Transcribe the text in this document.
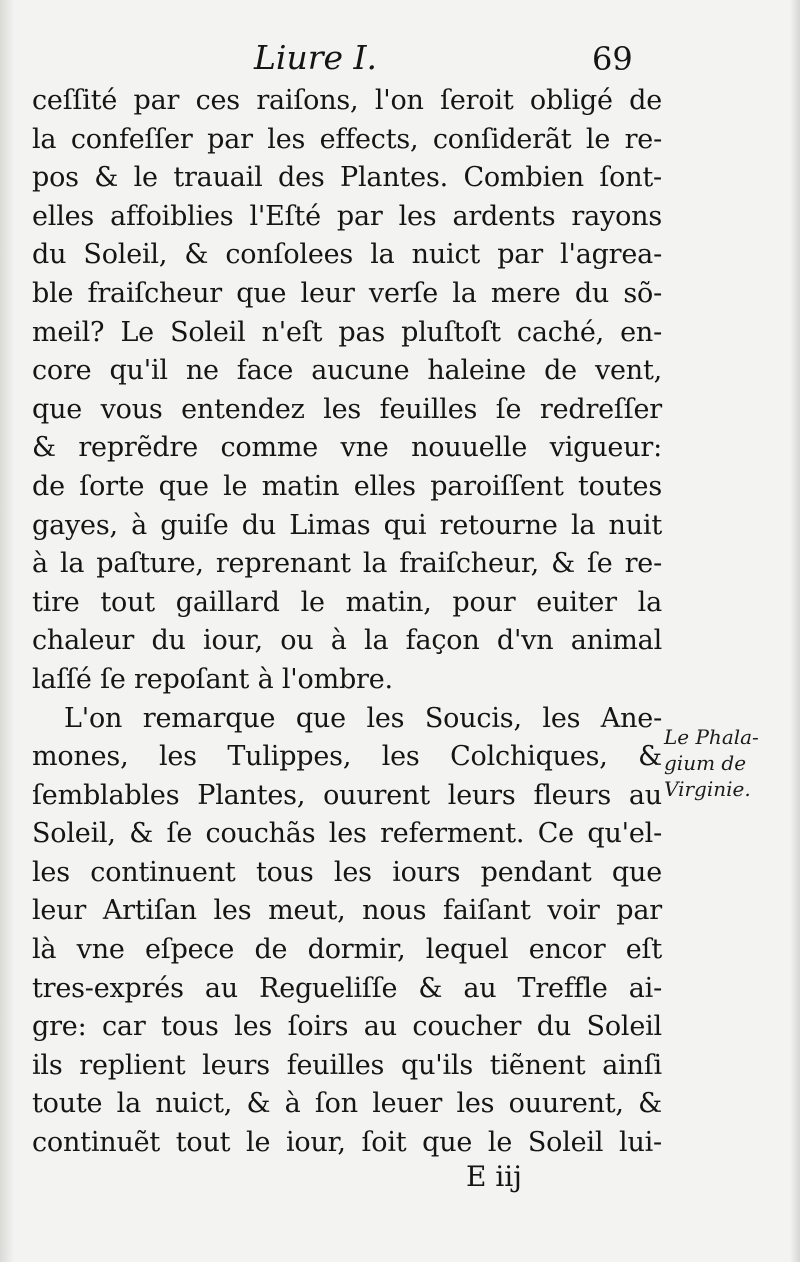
Liure I.	69
ceſſité par ces raiſons, l'on ſeroit obligé de
la confeſſer par les effects, conſiderãt le re-
pos & le trauail des Plantes. Combien ſont-
elles affoiblies l'Eſté par les ardents rayons
du Soleil, & conſolees la nuict par l'agrea-
ble fraiſcheur que leur verſe la mere du sõ-
meil? Le Soleil n'eſt pas pluſtoſt caché, en-
core qu'il ne face aucune haleine de vent,
que vous entendez les feuilles ſe redreſſer
& reprẽdre comme vne nouuelle vigueur:
de ſorte que le matin elles paroiſſent toutes
gayes, à guiſe du Limas qui retourne la nuit
à la paſture, reprenant la fraiſcheur, & ſe re-
tire tout gaillard le matin, pour euiter la
chaleur du iour, ou à la façon d'vn animal
laſſé ſe repoſant à l'ombre.
L'on remarque que les Soucis, les Ane-
mones, les Tulippes, les Colchiques, &
ſemblables Plantes, ouurent leurs fleurs au
Soleil, & ſe couchãs les referment. Ce qu'el-
les continuent tous les iours pendant que
leur Artiſan les meut, nous faiſant voir par
là vne eſpece de dormir, lequel encor eſt
tres-exprés au Regueliſſe & au Treffle ai-
gre: car tous les ſoirs au coucher du Soleil
ils replient leurs feuilles qu'ils tiẽnent ainſi
toute la nuict, & à ſon leuer les ouurent, &
continuẽt tout le iour, ſoit que le Soleil lui-
Le Phala-
gium de
Virginie.
E iij
